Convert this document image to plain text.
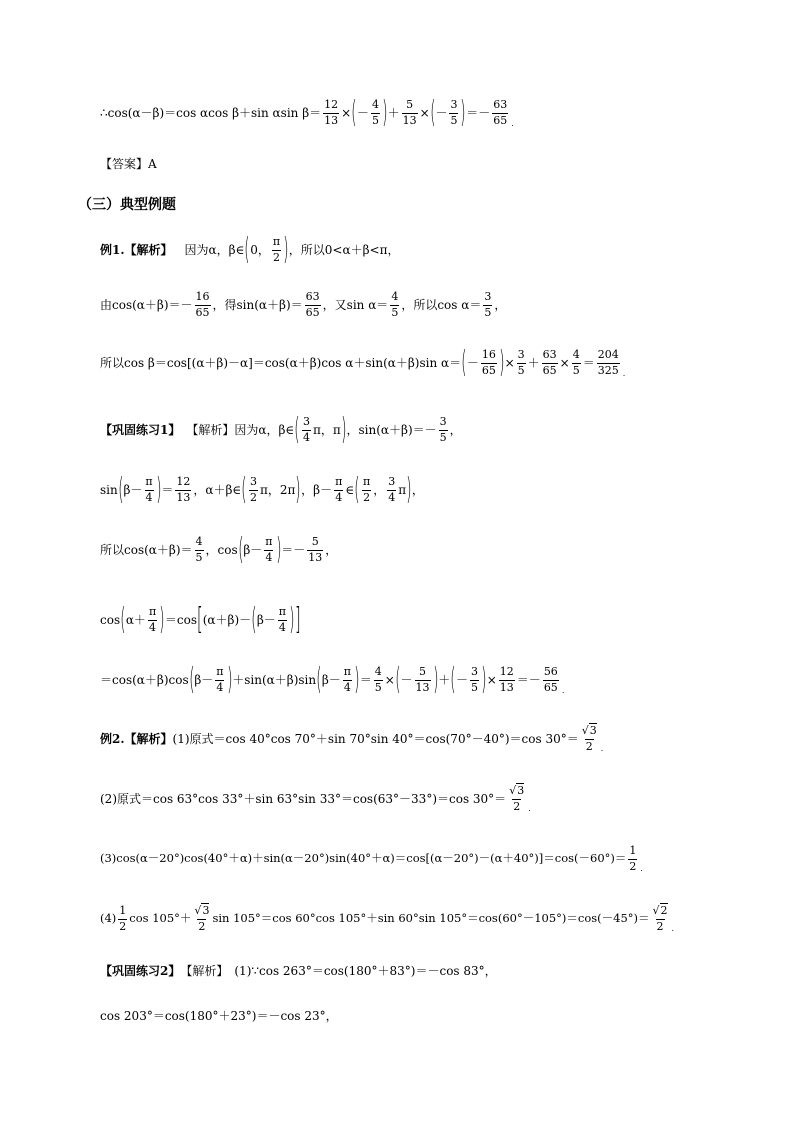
∴cos(α－β)＝cos αcos β＋sin αsin $\beta= \frac{12}{13}$ × ( － $\frac{4}{5}$ ) ＋ $\frac{5}{13}$ × ( － $\frac{3}{5}$ ) ＝－ $\frac{63}{65}$ .
【答案】A
（三）典型例题
例1.【解析】 因为α，β∈ ( 0， $\frac{\pi}{2}$ ) ，所以0<α＋β<π，
由$\cos(\alpha+\beta)=- \frac{16}{65}$ ，得$\sin(\alpha+\beta)= \frac{63}{65}$ ，又$\sin \alpha= \frac{4}{5}$ ，所以$\cos \alpha= \frac{3}{5}$ ，
所以cos β＝cos[(α＋β)－α]＝cos(α＋β)cos α＋sin(α＋β)sin α＝ ( － $\frac{16}{65}$ ) × $\frac{3}{5} + \frac{63}{65} \times \frac{4}{5} = \frac{204}{325}$ .
【巩固练习1】 【解析】因为α，β∈ ( $\frac{3}{4}$ π，π ) ，$\sin(\alpha+\beta)=- \frac{3}{5}$ ，
sin ( $\beta- \frac{\pi}{4}$ ) ＝ $\frac{12}{13}$ ，α＋β∈ ( $\frac{3}{2}$ π，2π ) ，$\beta- \frac{\pi}{4}$ ∈ ( $\frac{\pi}{2}$ ， $\frac{3}{4}$ π ) ，
所以$\cos(\alpha+\beta)= \frac{4}{5}$ ，cos ( $\beta- \frac{\pi}{4}$ ) ＝－ $\frac{5}{13}$ ，
cos ( $\alpha+ \frac{\pi}{4}$ ) ＝cos [ (α＋β)－ ( $\beta- \frac{\pi}{4}$ ) ]
＝cos(α＋β)cos ( $\beta- \frac{\pi}{4}$ ) ＋sin(α＋β)sin ( $\beta- \frac{\pi}{4}$ ) ＝ $\frac{4}{5}$ × ( － $\frac{5}{13}$ ) ＋ ( － $\frac{3}{5}$ ) × $\frac{12}{13} =- \frac{56}{65}$ .
例2.【解析】 (1)原式＝cos 40°cos 70°＋sin 70°sin 40°＝cos(70°－40°)＝cos $30^\circ= \frac{√3}{2}$ .
(2)原式＝cos 63°cos 33°＋sin 63°sin 33°＝cos(63°－33°)＝cos $30^\circ= \frac{√3}{2}$ .
$(3)\cos(\alpha-20^\circ)\cos(40^\circ+\alpha)+\sin(\alpha-20^\circ)\sin(40^\circ+\alpha)=\cos[(\alpha-20^\circ)-(\alpha+40^\circ)]=\cos(-60^\circ)= \frac{1}{2}$ .
$(4) \frac{1}{2}$ $\cos 105^\circ+ \frac{√3}{2}$ sin 105°＝cos 60°cos 105°＋sin 60°sin $105^\circ=\cos(60^\circ-105^\circ)=\cos(-45^\circ)= \frac{√2}{2}$ .
【巩固练习2】 【解析】 (1)∵cos 263°＝cos(180°＋83°)＝－cos 83°，
cos 203°＝cos(180°＋23°)＝－cos 23°，
